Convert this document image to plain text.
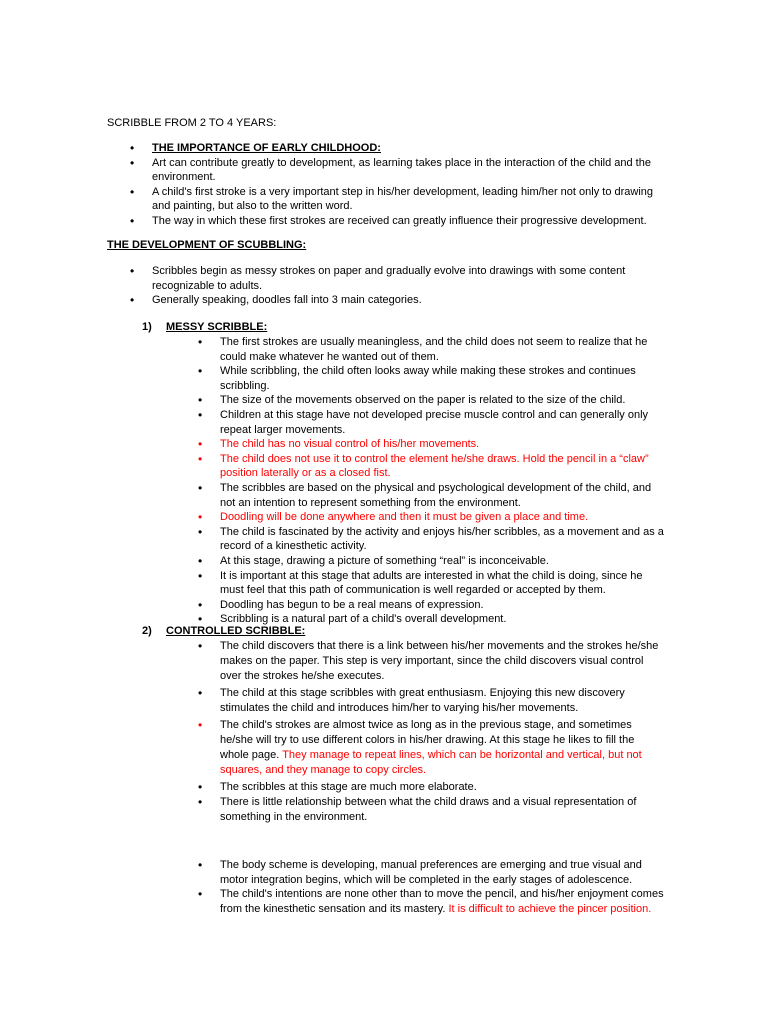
SCRIBBLE FROM 2 TO 4 YEARS:
• THE IMPORTANCE OF EARLY CHILDHOOD:
• Art can contribute greatly to development, as learning takes place in the interaction of the child and the environment.
• A child's first stroke is a very important step in his/her development, leading him/her not only to drawing and painting, but also to the written word.
• The way in which these first strokes are received can greatly influence their progressive development.
THE DEVELOPMENT OF SCUBBLING:
• Scribbles begin as messy strokes on paper and gradually evolve into drawings with some content recognizable to adults.
• Generally speaking, doodles fall into 3 main categories.
1) MESSY SCRIBBLE:
• The first strokes are usually meaningless, and the child does not seem to realize that he could make whatever he wanted out of them.
• While scribbling, the child often looks away while making these strokes and continues scribbling.
• The size of the movements observed on the paper is related to the size of the child.
• Children at this stage have not developed precise muscle control and can generally only repeat larger movements.
• The child has no visual control of his/her movements.
• The child does not use it to control the element he/she draws. Hold the pencil in a “claw” position laterally or as a closed fist.
• The scribbles are based on the physical and psychological development of the child, and not an intention to represent something from the environment.
• Doodling will be done anywhere and then it must be given a place and time.
• The child is fascinated by the activity and enjoys his/her scribbles, as a movement and as a record of a kinesthetic activity.
• At this stage, drawing a picture of something “real” is inconceivable.
• It is important at this stage that adults are interested in what the child is doing, since he must feel that this path of communication is well regarded or accepted by them.
• Doodling has begun to be a real means of expression.
• Scribbling is a natural part of a child's overall development.
2) CONTROLLED SCRIBBLE:
• The child discovers that there is a link between his/her movements and the strokes he/she makes on the paper. This step is very important, since the child discovers visual control over the strokes he/she executes.
• The child at this stage scribbles with great enthusiasm. Enjoying this new discovery stimulates the child and introduces him/her to varying his/her movements.
• The child's strokes are almost twice as long as in the previous stage, and sometimes he/she will try to use different colors in his/her drawing. At this stage he likes to fill the whole page. They manage to repeat lines, which can be horizontal and vertical, but not squares, and they manage to copy circles.
• The scribbles at this stage are much more elaborate.
• There is little relationship between what the child draws and a visual representation of something in the environment.
• The body scheme is developing, manual preferences are emerging and true visual and motor integration begins, which will be completed in the early stages of adolescence.
• The child's intentions are none other than to move the pencil, and his/her enjoyment comes from the kinesthetic sensation and its mastery. It is difficult to achieve the pincer position.
